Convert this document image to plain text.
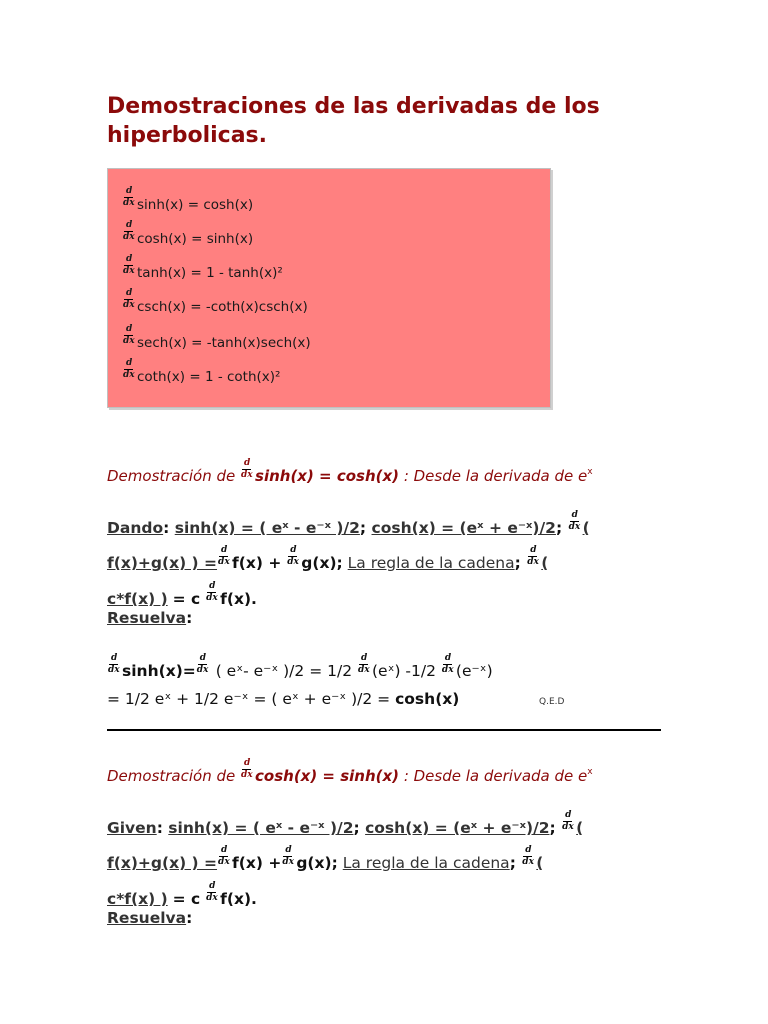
Demostraciones de las derivadas de los hiperbolicas.
$\frac{d}{dx} \sinh(x) = \cosh(x)$
$\frac{d}{dx} \cosh(x) = \sinh(x)$
$\frac{d}{dx} \tanh(x) = 1 - \tanh(x)^2$
$\frac{d}{dx} \csc h(x) = -\cot h(x)\csc h(x)$
$\frac{d}{dx} \sec h(x) = -\tanh(x)\sec h(x)$
$\frac{d}{dx} \cot h(x) = 1 - \cot h(x)^2$
Demostración de $\frac{d}{dx} \sinh(x) = \cosh(x)$ : Desde la derivada de $e^x$
Dando: sinh(x) = ( eˣ - e⁻ˣ )/2; cosh(x) = (eˣ + e⁻ˣ)/2; $\frac{d}{dx}$ (
f(x)+g(x) ) = $\frac{d}{dx} f(x) + \frac{d}{dx} g(x)$; La regla de la cadena; $\frac{d}{dx}$ (
c*f(x) ) = c $\frac{d}{dx} f(x)$.
Resuelva:
$\frac{d}{dx} \sinh(x)= \frac{d}{dx}$ ( eˣ- e⁻ˣ )$/2 = 1/2 \frac{d}{dx}$ (eˣ) $-1/2 \frac{d}{dx}$ (e⁻ˣ)
= 1/2 eˣ + 1/2 e⁻ˣ = ( eˣ + e⁻ˣ )/2 = cosh(x)	Q.E.D
Demostración de $\frac{d}{dx} \cosh(x) = \sinh(x)$ : Desde la derivada de $e^x$
Given: sinh(x) = ( eˣ - e⁻ˣ )/2; cosh(x) = (eˣ + e⁻ˣ)/2; $\frac{d}{dx}$ (
f(x)+g(x) ) = $\frac{d}{dx} f(x) + \frac{d}{dx} g(x)$; La regla de la cadena; $\frac{d}{dx}$ (
c*f(x) ) = c $\frac{d}{dx} f(x)$.
Resuelva:
